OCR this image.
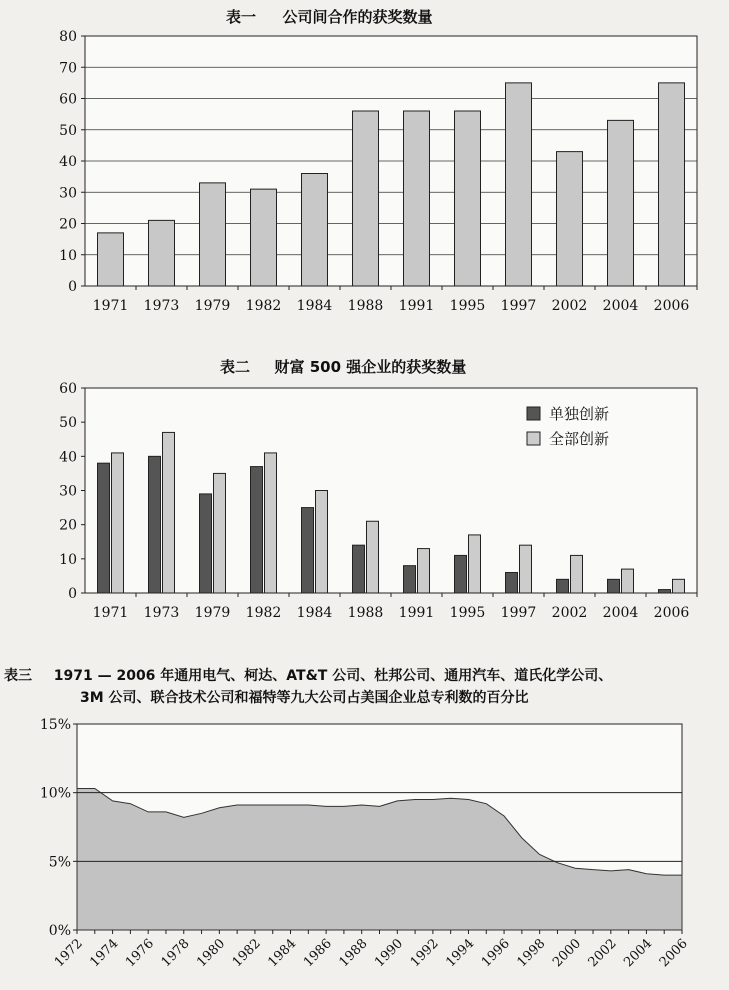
表一 公司间合作的获奖数量
表二 财富 500 强企业的获奖数量
表三 1971 — 2006 年通用电气、柯达、AT&T 公司、杜邦公司、通用汽车、道氏化学公司、
3M 公司、联合技术公司和福特等九大公司占美国企业总专利数的百分比
0
10
20
30
40
50
60
70
80
1971 1973 1979 1982 1984 1988 1991 1995 1997 2002 2004 2006
0
10
20
30
40
50
60
1971 1973 1979 1982 1984 1988 1991 1995 1997 2002 2004 2006
单独创新
全部创新
0%
5%
10%
15%
1972 1974 1976 1978 1980 1982 1984 1986 1988 1990 1992 1994 1996 1998 2000 2002 2004 2006
